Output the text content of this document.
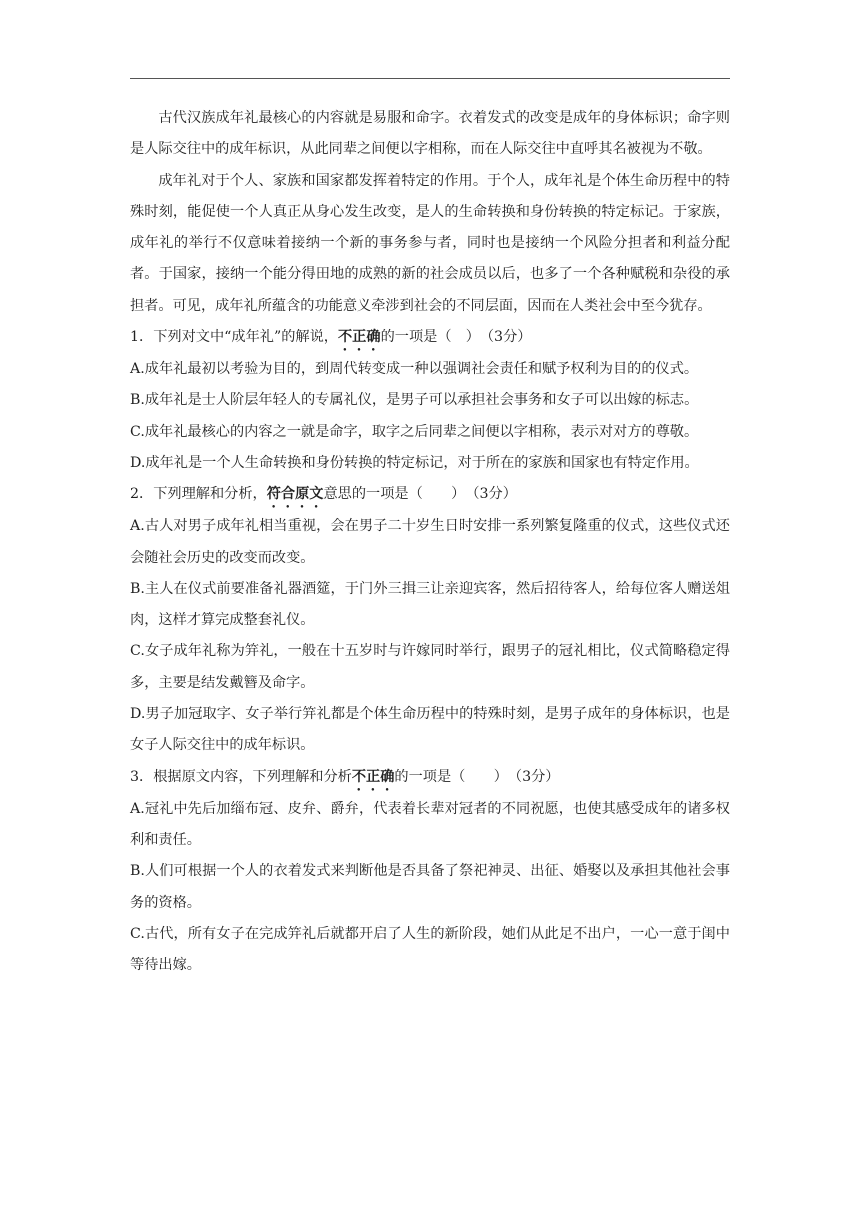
古代汉族成年礼最核心的内容就是易服和命字。衣着发式的改变是成年的身体标识；命字则是人际交往中的成年标识，从此同辈之间便以字相称，而在人际交往中直呼其名被视为不敬。

成年礼对于个人、家族和国家都发挥着特定的作用。于个人，成年礼是个体生命历程中的特殊时刻，能促使一个人真正从身心发生改变，是人的生命转换和身份转换的特定标记。于家族，成年礼的举行不仅意味着接纳一个新的事务参与者，同时也是接纳一个风险分担者和利益分配者。于国家，接纳一个能分得田地的成熟的新的社会成员以后，也多了一个各种赋税和杂役的承担者。可见，成年礼所蕴含的功能意义牵涉到社会的不同层面，因而在人类社会中至今犹存。

1．下列对文中“成年礼”的解说，不正确的一项是（　）　（3分）

A.成年礼最初以考验为目的，到周代转变成一种以强调社会责任和赋予权利为目的的仪式。

B.成年礼是士人阶层年轻人的专属礼仪，是男子可以承担社会事务和女子可以出嫁的标志。

C.成年礼最核心的内容之一就是命字，取字之后同辈之间便以字相称，表示对对方的尊敬。

D.成年礼是一个人生命转换和身份转换的特定标记，对于所在的家族和国家也有特定作用。

2．下列理解和分析，符合原文意思的一项是（　　）　（3分）

A.古人对男子成年礼相当重视，会在男子二十岁生日时安排一系列繁复隆重的仪式，这些仪式还会随社会历史的改变而改变。

B.主人在仪式前要准备礼器酒筵，于门外三揖三让亲迎宾客，然后招待客人，给每位客人赠送俎肉，这样才算完成整套礼仪。

C.女子成年礼称为笄礼，一般在十五岁时与许嫁同时举行，跟男子的冠礼相比，仪式简略稳定得多，主要是结发戴簪及命字。

D.男子加冠取字、女子举行笄礼都是个体生命历程中的特殊时刻，是男子成年的身体标识，也是女子人际交往中的成年标识。

3．根据原文内容，下列理解和分析不正确的一项是（　　）　（3分）

A.冠礼中先后加缁布冠、皮弁、爵弁，代表着长辈对冠者的不同祝愿，也使其感受成年的诸多权利和责任。

B.人们可根据一个人的衣着发式来判断他是否具备了祭祀神灵、出征、婚娶以及承担其他社会事务的资格。

C.古代，所有女子在完成笄礼后就都开启了人生的新阶段，她们从此足不出户，一心一意于闺中等待出嫁。
